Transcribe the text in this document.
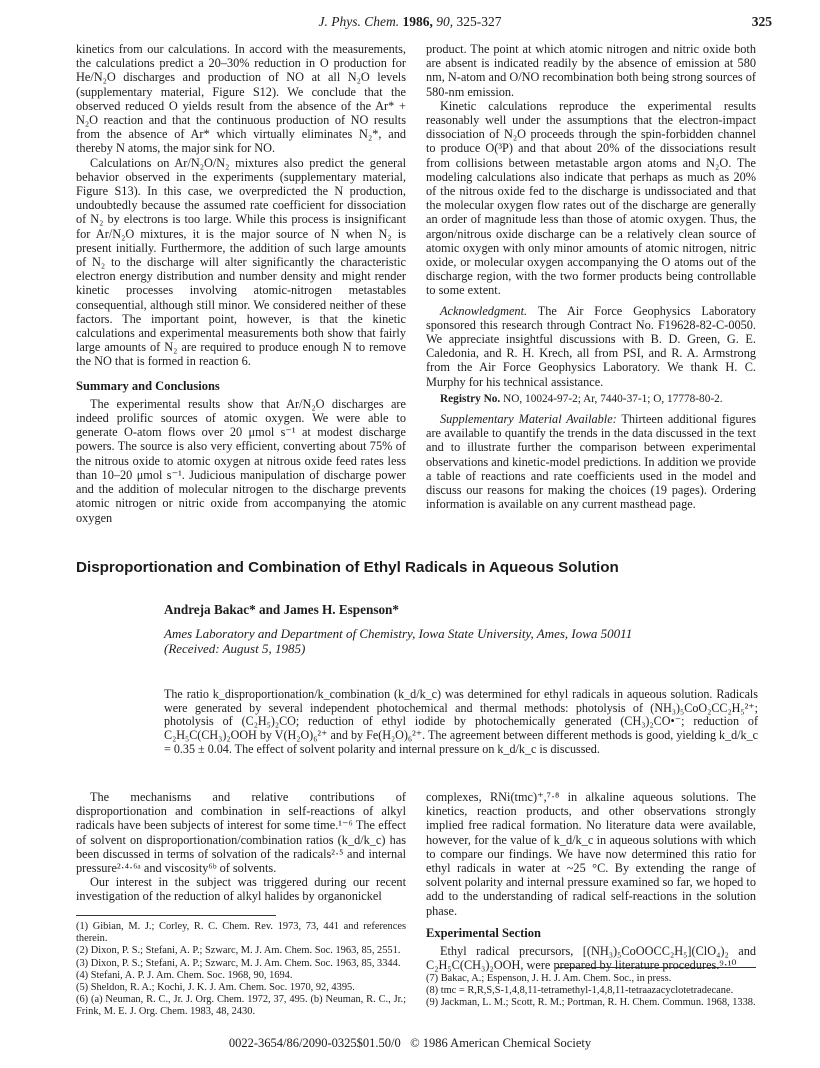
J. Phys. Chem. 1986, 90, 325-327	325

kinetics from our calculations. In accord with the measurements, the calculations predict a 20–30% reduction in O production for He/N₂O discharges and production of NO at all N₂O levels (supplementary material, Figure S12). We conclude that the observed reduced O yields result from the absence of the Ar* + N₂O reaction and that the continuous production of NO results from the absence of Ar* which virtually eliminates N₂*, and thereby N atoms, the major sink for NO.

Calculations on Ar/N₂O/N₂ mixtures also predict the general behavior observed in the experiments (supplementary material, Figure S13). In this case, we overpredicted the N production, undoubtedly because the assumed rate coefficient for dissociation of N₂ by electrons is too large. While this process is insignificant for Ar/N₂O mixtures, it is the major source of N when N₂ is present initially. Furthermore, the addition of such large amounts of N₂ to the discharge will alter significantly the characteristic electron energy distribution and number density and might render kinetic processes involving atomic-nitrogen metastables consequential, although still minor. We considered neither of these factors. The important point, however, is that the kinetic calculations and experimental measurements both show that fairly large amounts of N₂ are required to produce enough N to remove the NO that is formed in reaction 6.

Summary and Conclusions

The experimental results show that Ar/N₂O discharges are indeed prolific sources of atomic oxygen. We were able to generate O-atom flows over 20 μmol s⁻¹ at modest discharge powers. The source is also very efficient, converting about 75% of the nitrous oxide to atomic oxygen at nitrous oxide feed rates less than 10–20 μmol s⁻¹. Judicious manipulation of discharge power and the addition of molecular nitrogen to the discharge prevents atomic nitrogen or nitric oxide from accompanying the atomic oxygen

product. The point at which atomic nitrogen and nitric oxide both are absent is indicated readily by the absence of emission at 580 nm, N-atom and O/NO recombination both being strong sources of 580-nm emission.

Kinetic calculations reproduce the experimental results reasonably well under the assumptions that the electron-impact dissociation of N₂O proceeds through the spin-forbidden channel to produce O(³P) and that about 20% of the dissociations result from collisions between metastable argon atoms and N₂O. The modeling calculations also indicate that perhaps as much as 20% of the nitrous oxide fed to the discharge is undissociated and that the molecular oxygen flow rates out of the discharge are generally an order of magnitude less than those of atomic oxygen. Thus, the argon/nitrous oxide discharge can be a relatively clean source of atomic oxygen with only minor amounts of atomic nitrogen, nitric oxide, or molecular oxygen accompanying the O atoms out of the discharge region, with the two former products being controllable to some extent.

Acknowledgment. The Air Force Geophysics Laboratory sponsored this research through Contract No. F19628-82-C-0050. We appreciate insightful discussions with B. D. Green, G. E. Caledonia, and R. H. Krech, all from PSI, and R. A. Armstrong from the Air Force Geophysics Laboratory. We thank H. C. Murphy for his technical assistance.

Registry No. NO, 10024-97-2; Ar, 7440-37-1; O, 17778-80-2.

Supplementary Material Available: Thirteen additional figures are available to quantify the trends in the data discussed in the text and to illustrate further the comparison between experimental observations and kinetic-model predictions. In addition we provide a table of reactions and rate coefficients used in the model and discuss our reasons for making the choices (19 pages). Ordering information is available on any current masthead page.

Disproportionation and Combination of Ethyl Radicals in Aqueous Solution
Andreja Bakac* and James H. Espenson*
Ames Laboratory and Department of Chemistry, Iowa State University, Ames, Iowa 50011
(Received: August 5, 1985)
The ratio k_disproportionation/k_combination (k_d/k_c) was determined for ethyl radicals in aqueous solution. Radicals were generated by several independent photochemical and thermal methods: photolysis of (NH₃)₅CoO₂CC₂H₅²⁺; photolysis of (C₂H₅)₂CO; reduction of ethyl iodide by photochemically generated (CH₃)₂CO•⁻; reduction of C₂H₅C(CH₃)₂OOH by V(H₂O)₆²⁺ and by Fe(H₂O)₆²⁺. The agreement between different methods is good, yielding k_d/k_c = 0.35 ± 0.04. The effect of solvent polarity and internal pressure on k_d/k_c is discussed.

The mechanisms and relative contributions of disproportionation and combination in self-reactions of alkyl radicals have been subjects of interest for some time.¹⁻⁶ The effect of solvent on disproportionation/combination ratios (k_d/k_c) has been discussed in terms of solvation of the radicals²·⁵ and internal pressure²·⁴·⁶ᵃ and viscosity⁶ᵇ of solvents.

Our interest in the subject was triggered during our recent investigation of the reduction of alkyl halides by organonickel

complexes, RNi(tmc)⁺,⁷·⁸ in alkaline aqueous solutions. The kinetics, reaction products, and other observations strongly implied free radical formation. No literature data were available, however, for the value of k_d/k_c in aqueous solutions with which to compare our findings. We have now determined this ratio for ethyl radicals in water at ~25 °C. By extending the range of solvent polarity and internal pressure examined so far, we hoped to add to the understanding of radical self-reactions in the solution phase.

Experimental Section

Ethyl radical precursors, [(NH₃)₅CoOOCC₂H₅](ClO₄)₂ and C₂H₅C(CH₃)₂OOH, were prepared by literature procedures.⁹·¹⁰

(1) Gibian, M. J.; Corley, R. C. Chem. Rev. 1973, 73, 441 and references therein.
(2) Dixon, P. S.; Stefani, A. P.; Szwarc, M. J. Am. Chem. Soc. 1963, 85, 2551.
(3) Dixon, P. S.; Stefani, A. P.; Szwarc, M. J. Am. Chem. Soc. 1963, 85, 3344.
(4) Stefani, A. P. J. Am. Chem. Soc. 1968, 90, 1694.
(5) Sheldon, R. A.; Kochi, J. K. J. Am. Chem. Soc. 1970, 92, 4395.
(6) (a) Neuman, R. C., Jr. J. Org. Chem. 1972, 37, 495. (b) Neuman, R. C., Jr.; Frink, M. E. J. Org. Chem. 1983, 48, 2430.
(7) Bakac, A.; Espenson, J. H. J. Am. Chem. Soc., in press.
(8) tmc = R,R,S,S-1,4,8,11-tetramethyl-1,4,8,11-tetraazacyclotetradecane.
(9) Jackman, L. M.; Scott, R. M.; Portman, R. H. Chem. Commun. 1968, 1338.
0022-3654/86/2090-0325$01.50/0   © 1986 American Chemical Society
